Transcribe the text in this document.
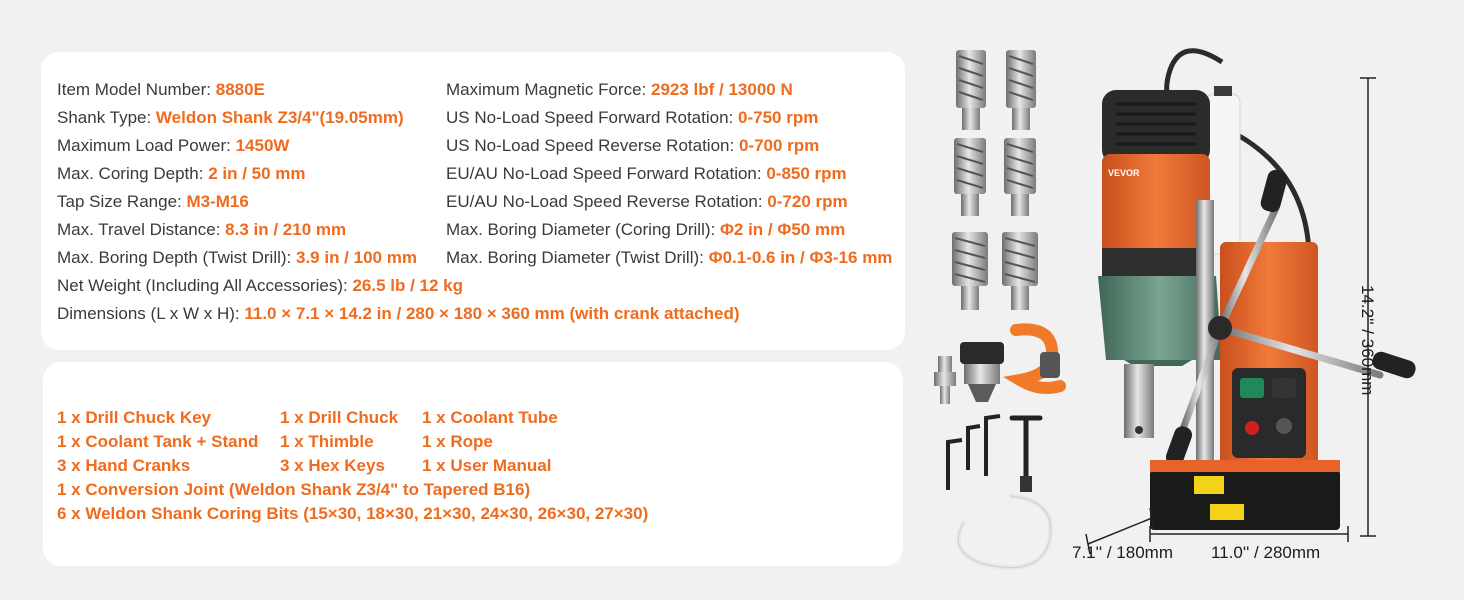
Item Model Number: 8880E
Shank Type: Weldon Shank Z3/4"(19.05mm)
Maximum Load Power: 1450W
Max. Coring Depth: 2 in / 50 mm
Tap Size Range: M3-M16
Max. Travel Distance: 8.3 in / 210 mm
Max. Boring Depth (Twist Drill): 3.9 in / 100 mm
Net Weight (Including All Accessories): 26.5 lb / 12 kg
Dimensions (L x W x H): 11.0 × 7.1 × 14.2 in / 280 × 180 × 360 mm (with crank attached)
Maximum Magnetic Force: 2923 lbf / 13000 N
US No-Load Speed Forward Rotation: 0-750 rpm
US No-Load Speed Reverse Rotation: 0-700 rpm
EU/AU No-Load Speed Forward Rotation: 0-850 rpm
EU/AU No-Load Speed Reverse Rotation: 0-720 rpm
Max. Boring Diameter (Coring Drill): Φ2 in / Φ50 mm
Max. Boring Diameter (Twist Drill): Φ0.1-0.6 in / Φ3-16 mm
1 x Drill Chuck Key	1 x Drill Chuck 1 x Coolant Tube
1 x Coolant Tank + Stand 1 x Thimble	1 x Rope
3 x Hand Cranks	3 x Hex Keys 1 x User Manual
1 x Conversion Joint (Weldon Shank Z3/4" to Tapered B16)
6 x Weldon Shank Coring Bits (15×30, 18×30, 21×30, 24×30, 26×30, 27×30)
VEVOR
14.2'' / 360mm
7.1'' / 180mm 11.0'' / 280mm
